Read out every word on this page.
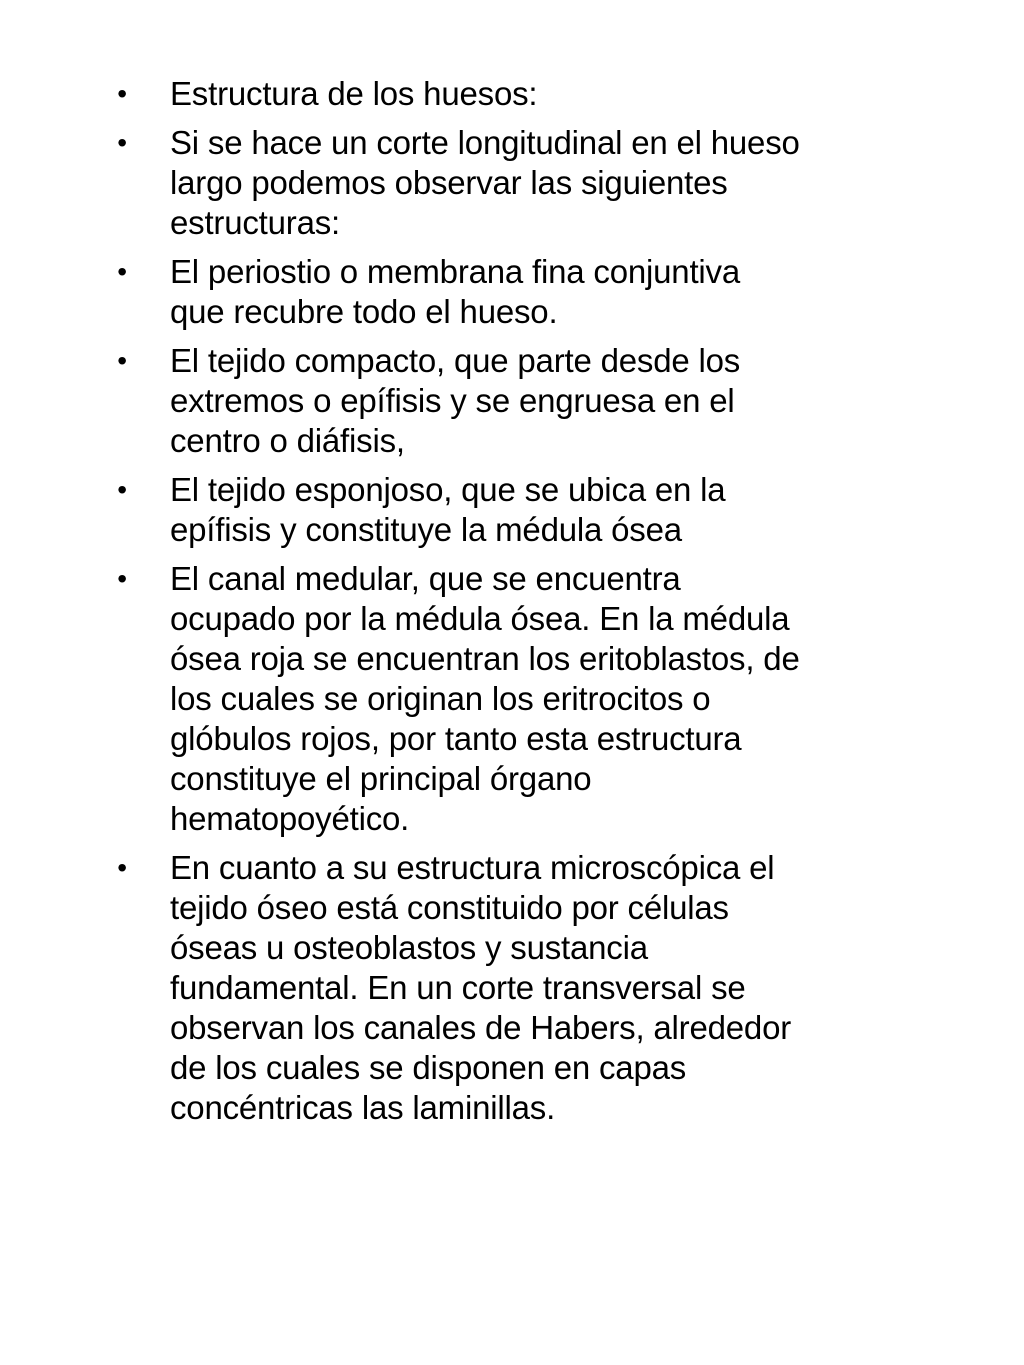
• Estructura de los huesos:
• Si se hace un corte longitudinal en el hueso
largo podemos observar las siguientes
estructuras:
• El periostio o membrana fina conjuntiva
que recubre todo el hueso.
• El tejido compacto, que parte desde los
extremos o epífisis y se engruesa en el
centro o diáfisis,
• El tejido esponjoso, que se ubica en la
epífisis y constituye la médula ósea
• El canal medular, que se encuentra
ocupado por la médula ósea. En la médula
ósea roja se encuentran los eritoblastos, de
los cuales se originan los eritrocitos o
glóbulos rojos, por tanto esta estructura
constituye el principal órgano
hematopoyético.
• En cuanto a su estructura microscópica el
tejido óseo está constituido por células
óseas u osteoblastos y sustancia
fundamental. En un corte transversal se
observan los canales de Habers, alrededor
de los cuales se disponen en capas
concéntricas las laminillas.
